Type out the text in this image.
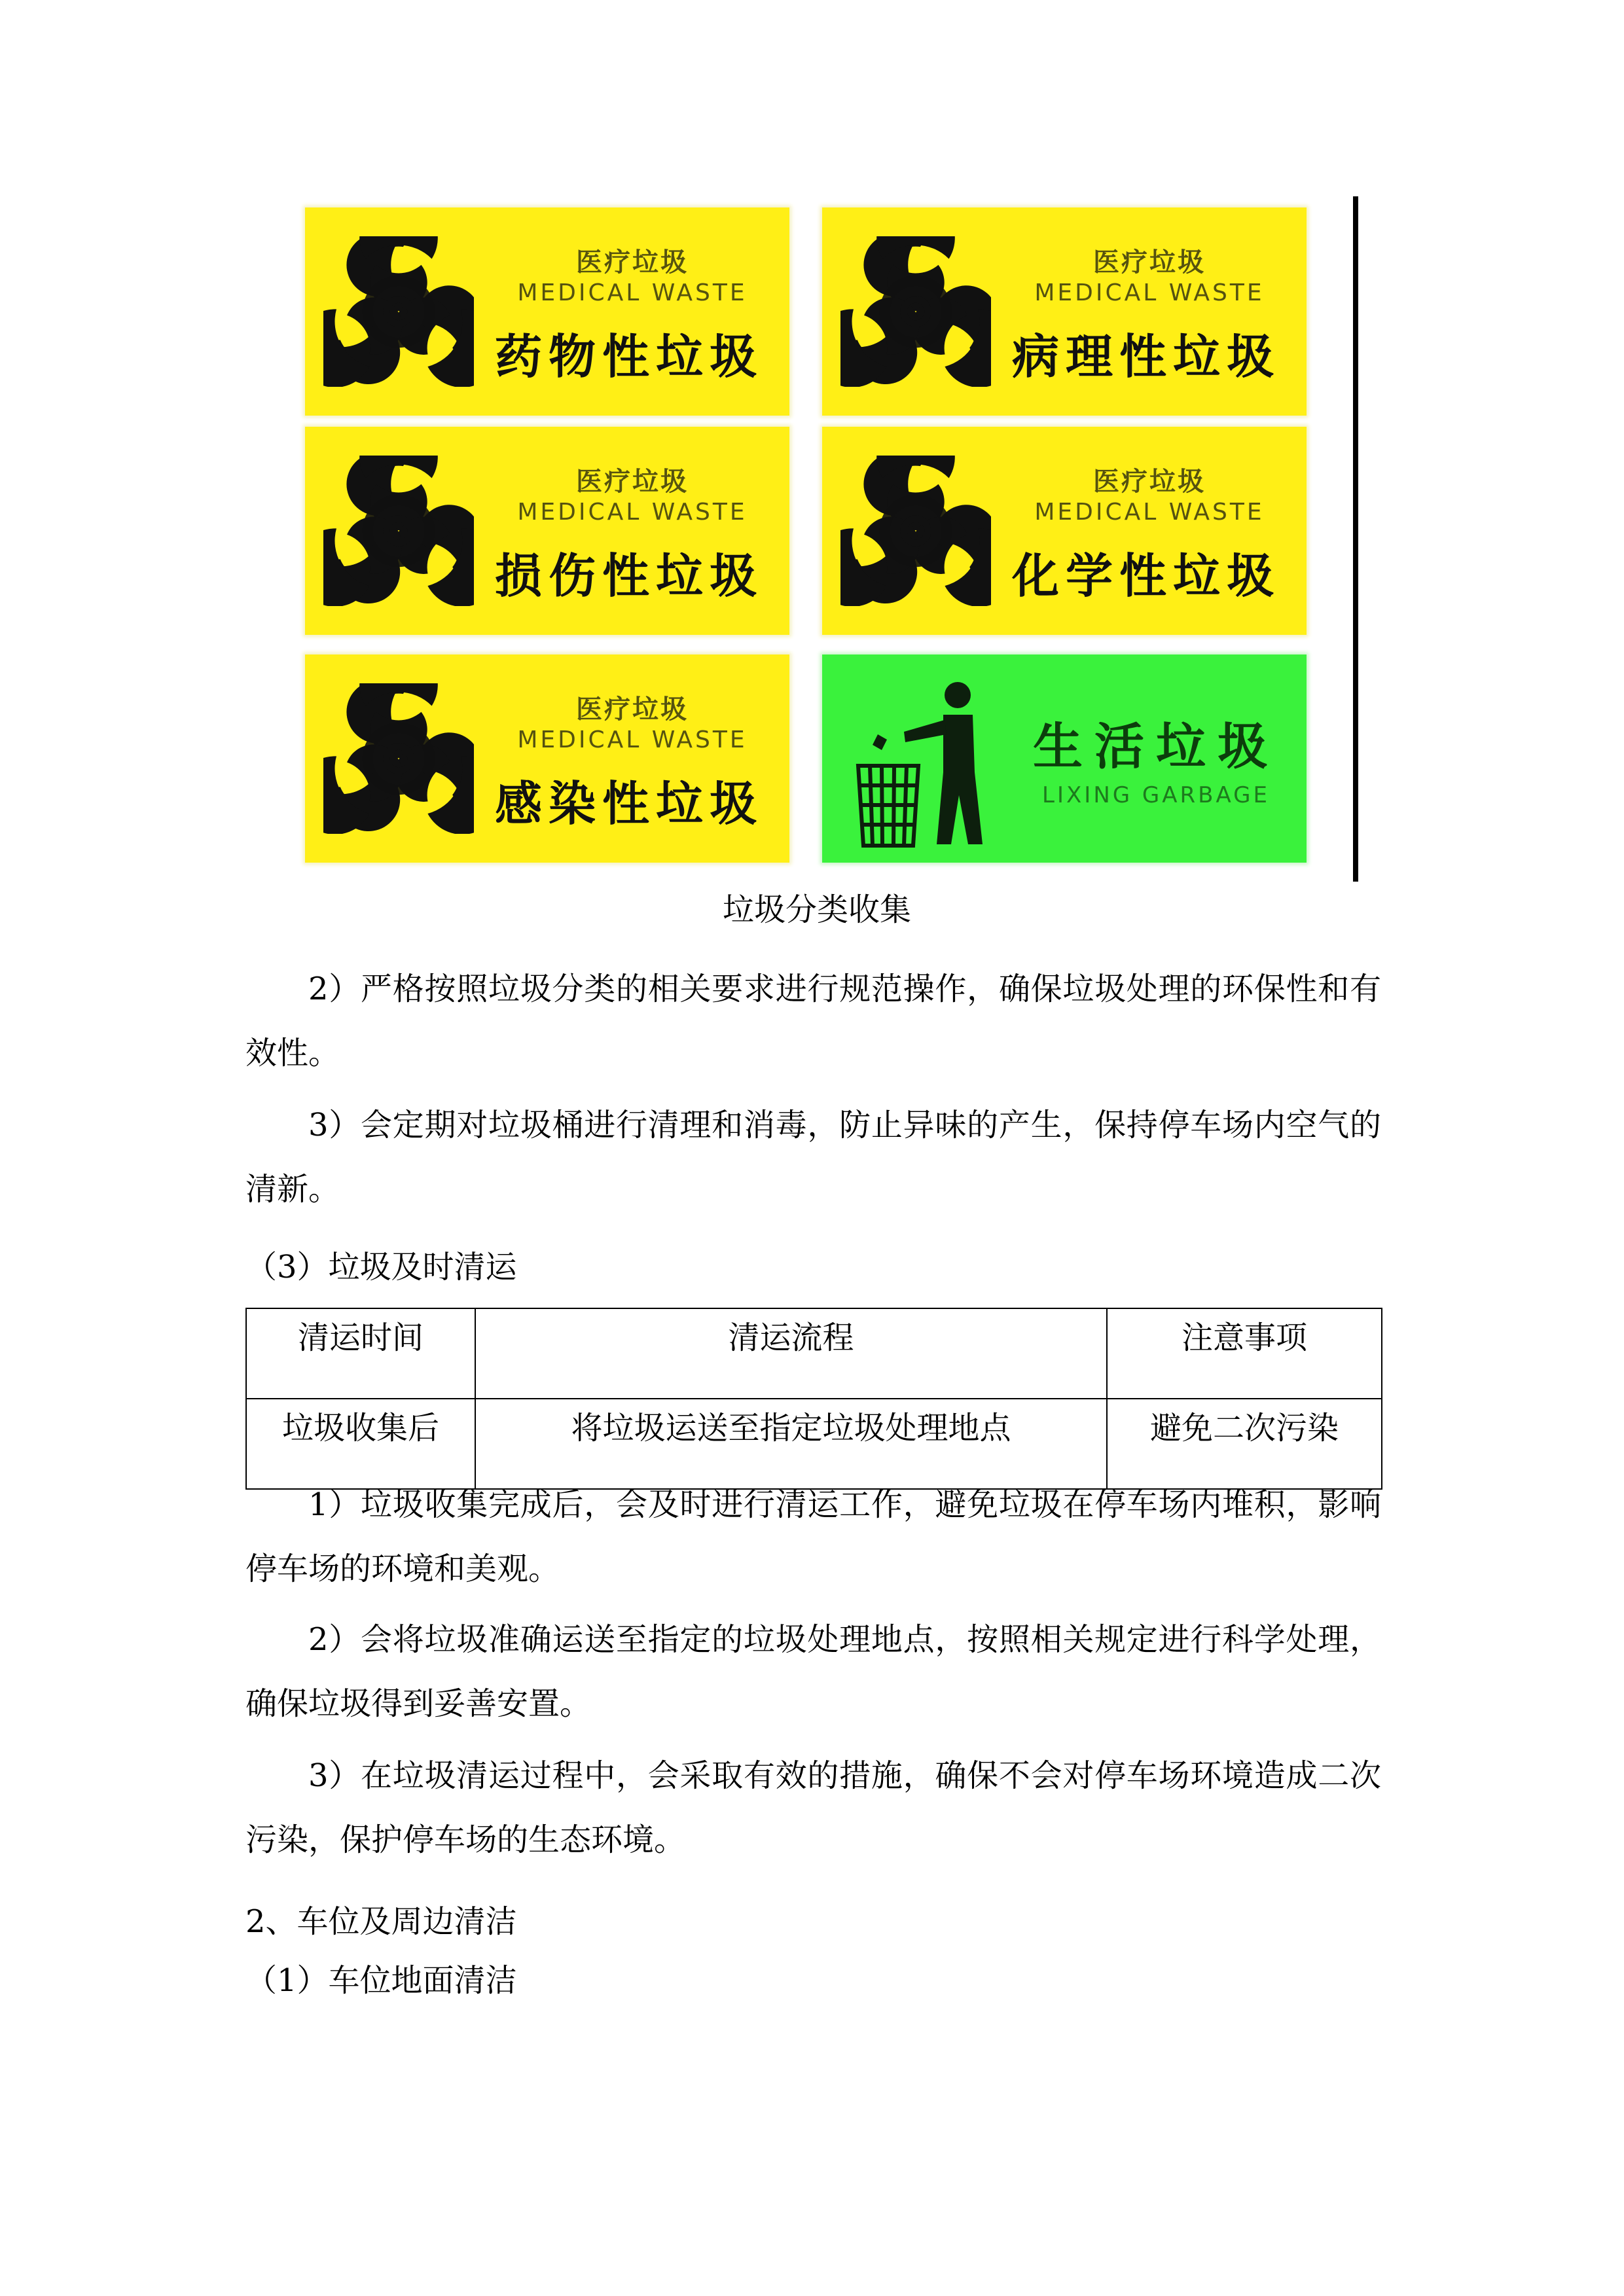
医疗垃圾
MEDICAL WASTE
药物性垃圾
医疗垃圾
MEDICAL WASTE
病理性垃圾
医疗垃圾
MEDICAL WASTE
损伤性垃圾
医疗垃圾
MEDICAL WASTE
化学性垃圾
医疗垃圾
MEDICAL WASTE
感染性垃圾
生活垃圾
LIXING GARBAGE
垃圾分类收集
2）严格按照垃圾分类的相关要求进行规范操作，确保垃圾处理的环保性和有效性。
3）会定期对垃圾桶进行清理和消毒，防止异味的产生，保持停车场内空气的清新。
（3）垃圾及时清运
清运时间	清运流程	注意事项
垃圾收集后	将垃圾运送至指定垃圾处理地点	避免二次污染
1）垃圾收集完成后，会及时进行清运工作，避免垃圾在停车场内堆积，影响停车场的环境和美观。
2）会将垃圾准确运送至指定的垃圾处理地点，按照相关规定进行科学处理，确保垃圾得到妥善安置。
3）在垃圾清运过程中，会采取有效的措施，确保不会对停车场环境造成二次污染，保护停车场的生态环境。
2、车位及周边清洁
（1）车位地面清洁
